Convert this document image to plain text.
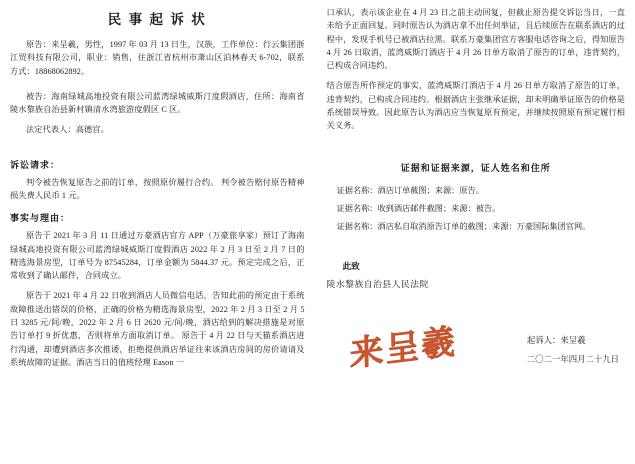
民 事 起 诉 状

原告：来呈羲，男性，1997 年 03 月 13 日生，汉族，工作单位：行云集团浙江贸科技有限公司，职业：销售，住浙江省杭州市萧山区泊林春天 6-702，联系方式：18868062892。

被告：海南绿城高地投资有限公司蓝湾绿城威斯汀度假酒店，住所：海南省陵水黎族自治县新村镇清水湾旅游度假区 C 区。

法定代表人：高德宫。

诉讼请求：

判令被告恢复原告之前的订单，按照原价履行合约。 判令被告赔付原告精神损失费人民币 1 元。

事实与理由：

原告于 2021 年 3 月 11 日通过万豪酒店官方 APP（万豪旅享家）预订了海南绿城高地投资有限公司蓝湾绿城威斯汀度假酒店 2022 年 2 月 3 日至 2 月 7 日的精选海景房型，订单号为 87545284，订单金额为 5844.37 元。预定完成之后，正常收到了确认邮件，合同成立。

原告于 2021 年 4 月 22 日收到酒店人员微信电话，告知此前的预定由于系统故障推送出错误的价格，正确的价格为精选海景房型，2022 年 2 月 3 日至 2 月 5 日 3285 元/间/晚，2022 年 2 月 6 日 2620 元/间/晚，酒店给到的解决措施是对原告订单打 9 折优惠，否则将单方面取消订单。 原告于 4 月 22 日与天猫系酒店进行沟通，却遭到酒店多次推诿，拒绝提供酒店举证往来该酒店房间的房价请请及系统故障的证据。酒店当日的值班经理 Eason 一

口承认，表示该企业在 4 月 23 日之前主动回复，但截止原告提交诉讼当日，一直未给予正面回复。同时原告认为酒店拿不出任何举证，且后续原告在联系酒店的过程中，发现手机号已被酒店拉黑。联系万豪集团官方客服电话咨询之后，得知原告 4 月 26 日取消，蓝湾威斯汀酒店于 4 月 26 日单方取消了原告的订单，违背契约，已构成合同违约。

结合原告所作预定的事实，蓝湾威斯汀酒店于 4 月 26 日单方取消了原告的订单，违背契约，已构成合同违约。根据酒店主张继承证据，却未明确举证原告的价格是系统错误导致。因此原告认为酒店应当恢复原有预定，并继续按照原有预定履行相关义务。

证据和证据来源，证人姓名和住所

证据名称：酒店订单截图；来源：原告。

证据名称：收到酒店邮件截图；来源：被告。

证据名称：酒店私自取消原告订单的截图；来源：万豪国际集团官网。

此致
陵水黎族自治县人民法院
来呈羲	起诉人：来呈羲
二〇二一年四月二十九日
